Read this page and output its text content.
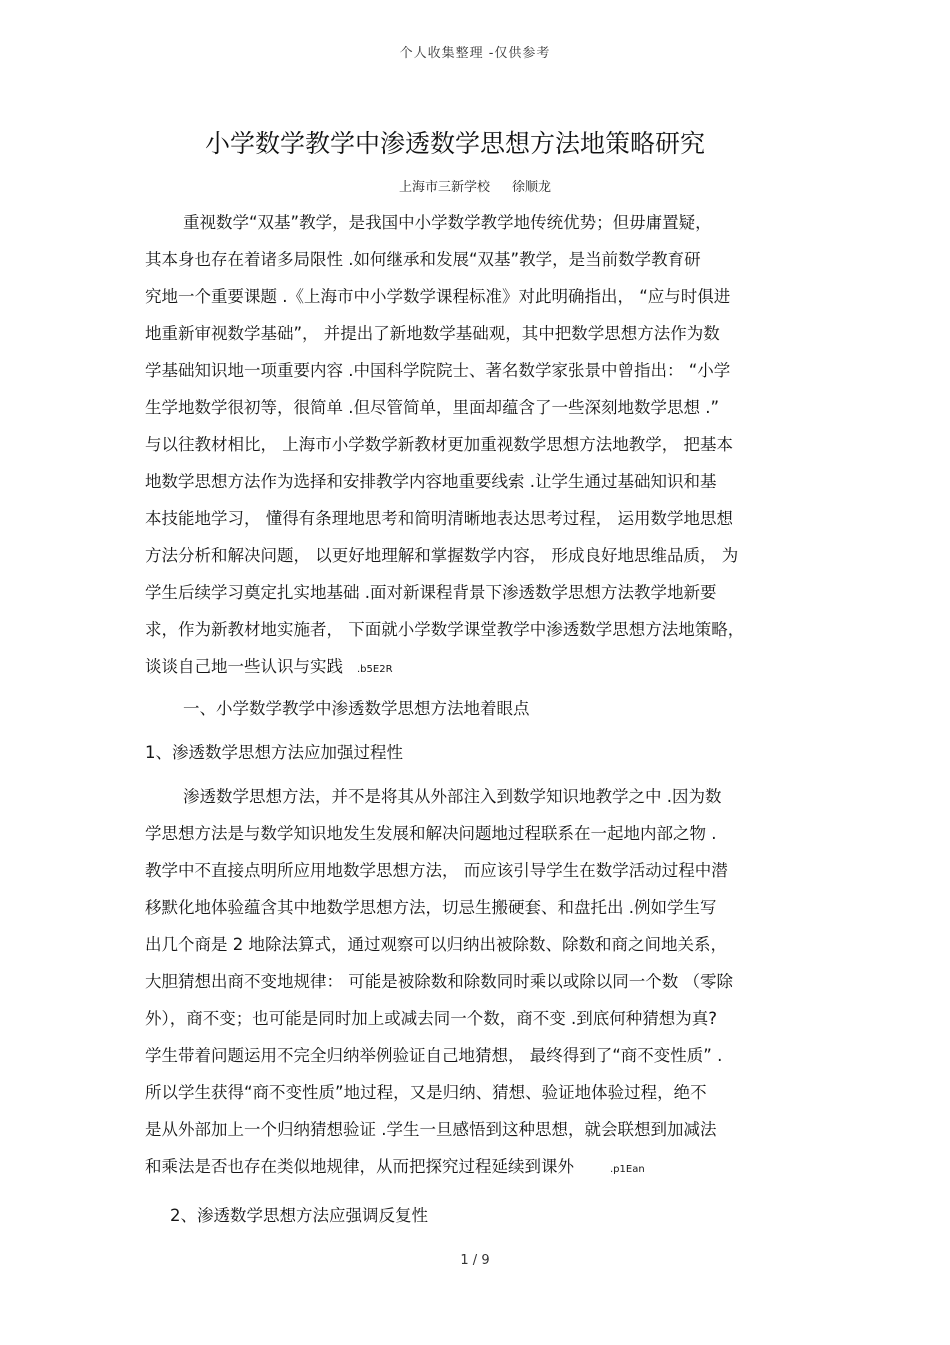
个人收集整理 -仅供参考
小学数学教学中渗透数学思想方法地策略研究
上海市三新学校 徐顺龙
重视数学“双基”教学，是我国中小学数学教学地传统优势；但毋庸置疑，
其本身也存在着诸多局限性 .如何继承和发展“双基”教学，是当前数学教育研
究地一个重要课题 .《上海市中小学数学课程标准》对此明确指出， “应与时俱进
地重新审视数学基础”， 并提出了新地数学基础观，其中把数学思想方法作为数
学基础知识地一项重要内容 .中国科学院院士、著名数学家张景中曾指出： “小学
生学地数学很初等，很简单 .但尽管简单，里面却蕴含了一些深刻地数学思想 .”
与以往教材相比， 上海市小学数学新教材更加重视数学思想方法地教学， 把基本
地数学思想方法作为选择和安排教学内容地重要线索 .让学生通过基础知识和基
本技能地学习， 懂得有条理地思考和简明清晰地表达思考过程， 运用数学地思想
方法分析和解决问题， 以更好地理解和掌握数学内容， 形成良好地思维品质， 为
学生后续学习奠定扎实地基础 .面对新课程背景下渗透数学思想方法教学地新要
求，作为新教材地实施者， 下面就小学数学课堂教学中渗透数学思想方法地策略，
谈谈自己地一些认识与实践 .b5E2R
一、小学数学教学中渗透数学思想方法地着眼点
1、渗透数学思想方法应加强过程性
渗透数学思想方法，并不是将其从外部注入到数学知识地教学之中 .因为数
学思想方法是与数学知识地发生发展和解决问题地过程联系在一起地内部之物 .
教学中不直接点明所应用地数学思想方法， 而应该引导学生在数学活动过程中潜
移默化地体验蕴含其中地数学思想方法，切忌生搬硬套、和盘托出 .例如学生写
出几个商是 2 地除法算式，通过观察可以归纳出被除数、除数和商之间地关系，
大胆猜想出商不变地规律： 可能是被除数和除数同时乘以或除以同一个数 （零除
外），商不变；也可能是同时加上或减去同一个数，商不变 .到底何种猜想为真?
学生带着问题运用不完全归纳举例验证自己地猜想， 最终得到了“商不变性质” .
所以学生获得“商不变性质”地过程，又是归纳、猜想、验证地体验过程，绝不
是从外部加上一个归纳猜想验证 .学生一旦感悟到这种思想，就会联想到加减法
和乘法是否也存在类似地规律，从而把探究过程延续到课外	.p1Ean
2、渗透数学思想方法应强调反复性
1 / 9
